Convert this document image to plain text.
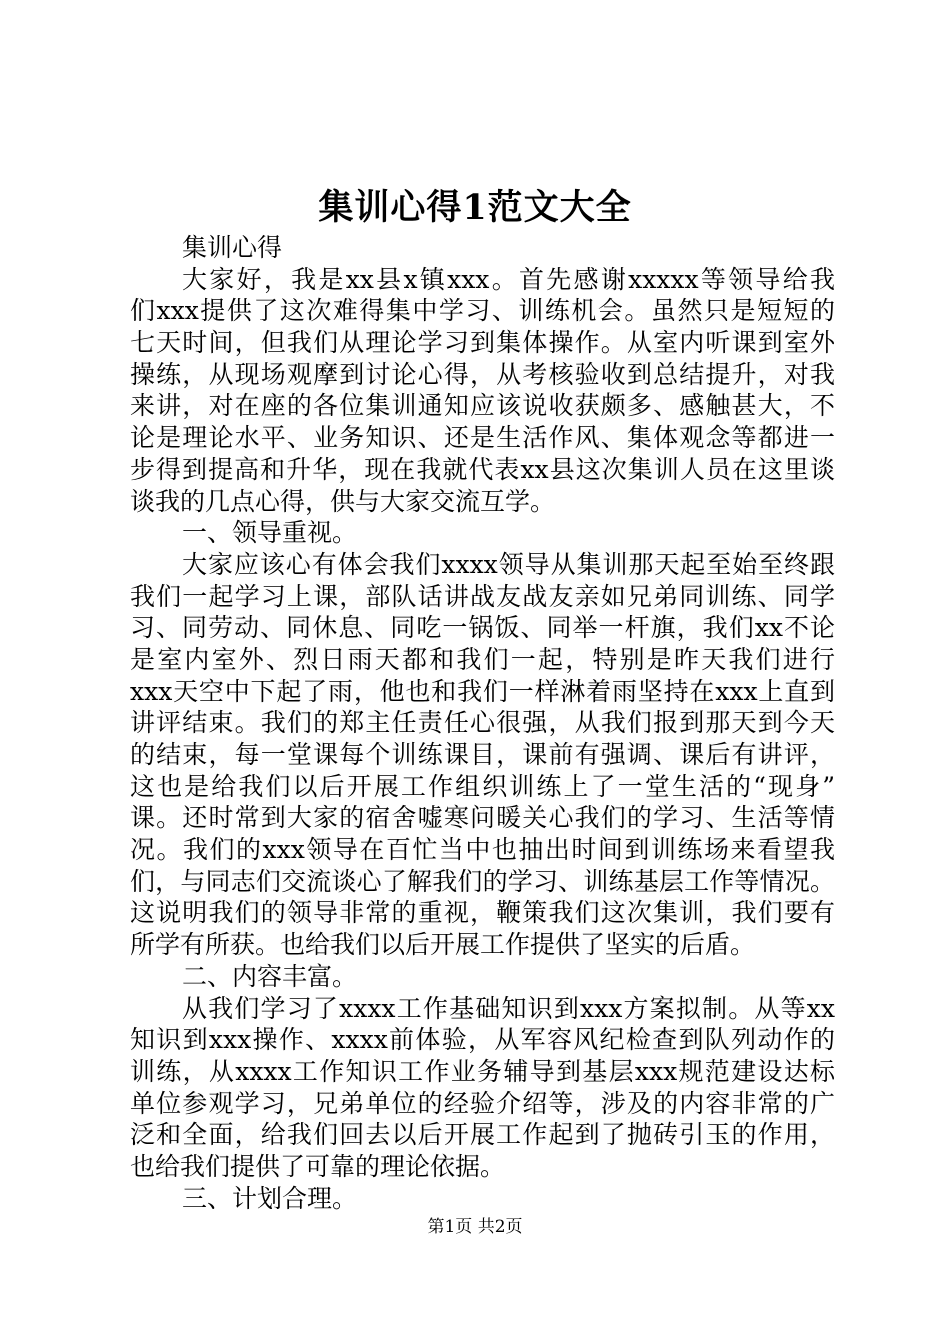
集训心得1范文大全
集训心得
大家好，我是xx县x镇xxx。首先感谢xxxxx等领导给我
们xxx提供了这次难得集中学习、训练机会。虽然只是短短的
七天时间，但我们从理论学习到集体操作。从室内听课到室外
操练，从现场观摩到讨论心得，从考核验收到总结提升，对我
来讲，对在座的各位集训通知应该说收获颇多、感触甚大，不
论是理论水平、业务知识、还是生活作风、集体观念等都进一
步得到提高和升华，现在我就代表xx县这次集训人员在这里谈
谈我的几点心得，供与大家交流互学。
一、领导重视。
大家应该心有体会我们xxxx领导从集训那天起至始至终跟
我们一起学习上课，部队话讲战友战友亲如兄弟同训练、同学
习、同劳动、同休息、同吃一锅饭、同举一杆旗，我们xx不论
是室内室外、烈日雨天都和我们一起，特别是昨天我们进行
xxx天空中下起了雨，他也和我们一样淋着雨坚持在xxx上直到
讲评结束。我们的郑主任责任心很强，从我们报到那天到今天
的结束，每一堂课每个训练课目，课前有强调、课后有讲评，
这也是给我们以后开展工作组织训练上了一堂生活的“现身”
课。还时常到大家的宿舍嘘寒问暖关心我们的学习、生活等情
况。我们的xxx领导在百忙当中也抽出时间到训练场来看望我
们，与同志们交流谈心了解我们的学习、训练基层工作等情况。
这说明我们的领导非常的重视，鞭策我们这次集训，我们要有
所学有所获。也给我们以后开展工作提供了坚实的后盾。
二、内容丰富。
从我们学习了xxxx工作基础知识到xxx方案拟制。从等xx
知识到xxx操作、xxxx前体验，从军容风纪检查到队列动作的
训练，从xxxx工作知识工作业务辅导到基层xxx规范建设达标
单位参观学习，兄弟单位的经验介绍等，涉及的内容非常的广
泛和全面，给我们回去以后开展工作起到了抛砖引玉的作用，
也给我们提供了可靠的理论依据。
三、计划合理。
第1页 共2页
